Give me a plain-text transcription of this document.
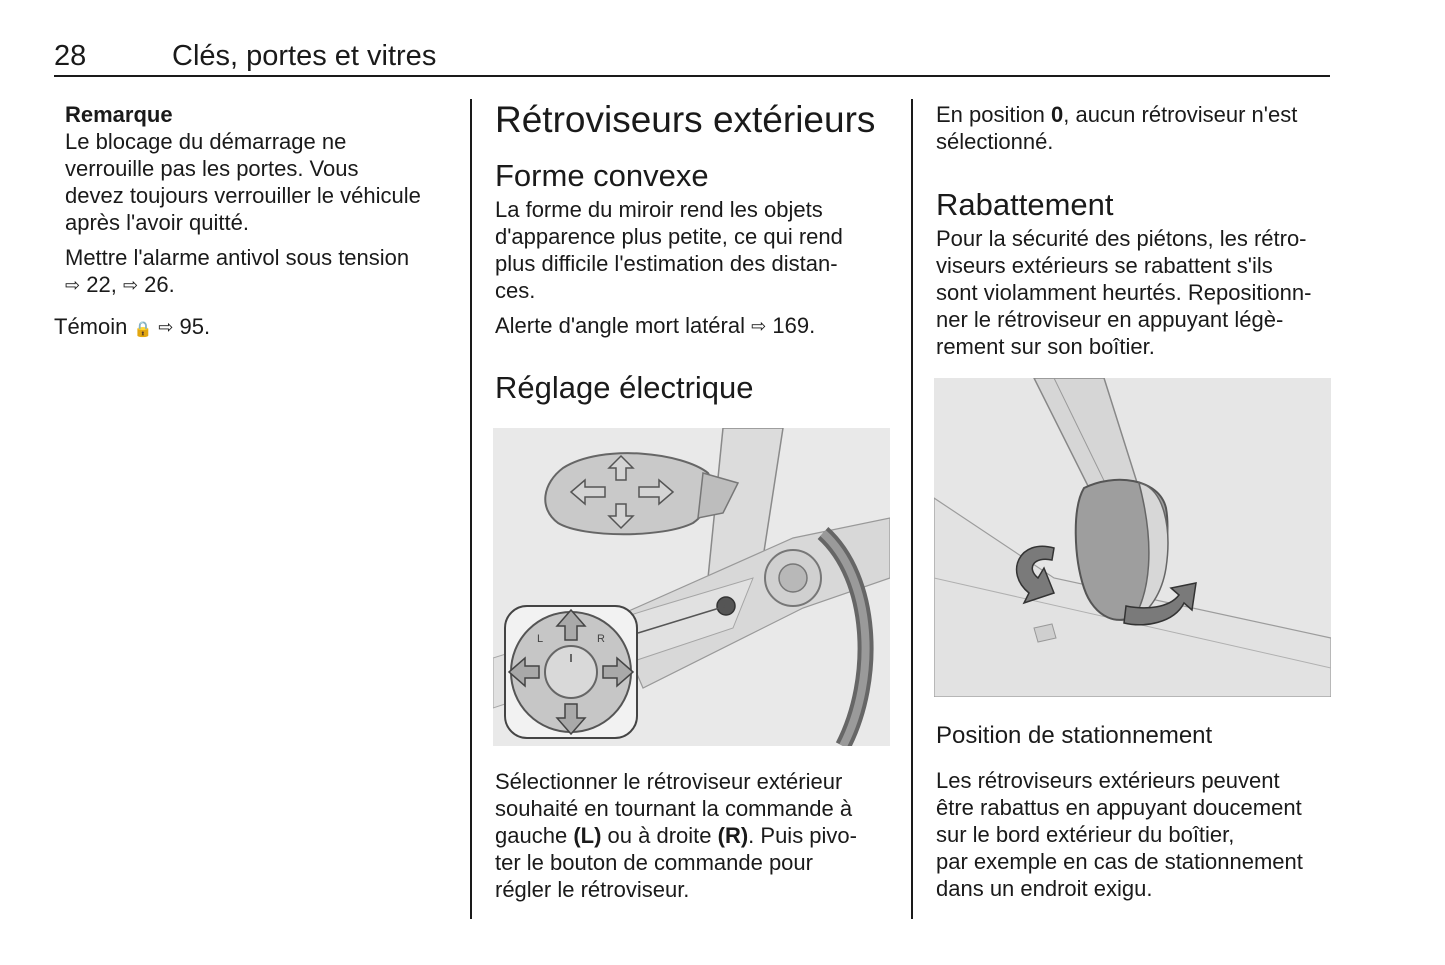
28	Clés, portes et vitres

Remarque

Le blocage du démarrage ne

verrouille pas les portes. Vous

devez toujours verrouiller le véhicule

après l'avoir quitté.

Mettre l'alarme antivol sous tension

⇨ 22, ⇨ 26.

Témoin 🔒 ⇨ 95.

Rétroviseurs extérieurs

Forme convexe

La forme du miroir rend les objets

d'apparence plus petite, ce qui rend

plus difficile l'estimation des distan-

ces.

Alerte d'angle mort latéral ⇨ 169.

Réglage électrique

L	R

Sélectionner le rétroviseur extérieur

souhaité en tournant la commande à

gauche (L) ou à droite (R). Puis pivo-

ter le bouton de commande pour

régler le rétroviseur.

En position 0, aucun rétroviseur n'est

sélectionné.

Rabattement

Pour la sécurité des piétons, les rétro-

viseurs extérieurs se rabattent s'ils

sont violamment heurtés. Repositionn-

ner le rétroviseur en appuyant légè-

rement sur son boîtier.

Position de stationnement

Les rétroviseurs extérieurs peuvent

être rabattus en appuyant doucement

sur le bord extérieur du boîtier,

par exemple en cas de stationnement

dans un endroit exigu.
